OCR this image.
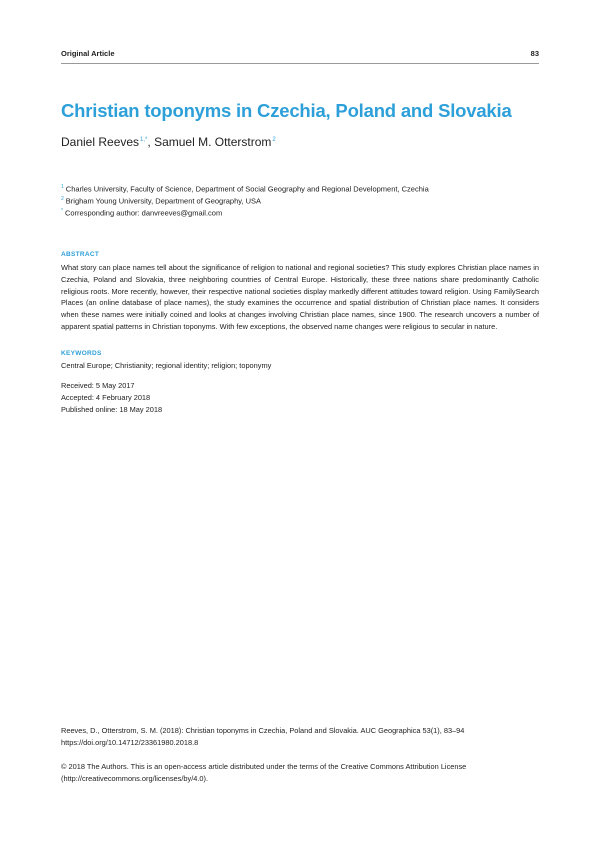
Original Article	83
Christian toponyms in Czechia, Poland and Slovakia
Daniel Reeves$^{1,*}$, Samuel M. Otterstrom$^2$
$^1$ Charles University, Faculty of Science, Department of Social Geography and Regional Development, Czechia
$^2$ Brigham Young University, Department of Geography, USA
* Corresponding author: danvreeves@gmail.com
ABSTRACT

What story can place names tell about the significance of religion to national and regional societies? This study explores Christian place names in Czechia, Poland and Slovakia, three neighboring countries of Central Europe. Historically, these three nations share predominantly Catholic religious roots. More recently, however, their respective national societies display markedly different attitudes toward religion. Using FamilySearch Places (an online database of place names), the study examines the occurrence and spatial distribution of Christian place names. It considers when these names were initially coined and looks at changes involving Christian place names, since 1900. The research uncovers a number of apparent spatial patterns in Christian toponyms. With few exceptions, the observed name changes were religious to secular in nature.

KEYWORDS
Central Europe; Christianity; regional identity; religion; toponymy
Received: 5 May 2017
Accepted: 4 February 2018
Published online: 18 May 2018
Reeves, D., Otterstrom, S. M. (2018): Christian toponyms in Czechia, Poland and Slovakia. AUC Geographica 53(1), 83–94
https://doi.org/10.14712/23361980.2018.8
© 2018 The Authors. This is an open-access article distributed under the terms of the Creative Commons Attribution License
(http://creativecommons.org/licenses/by/4.0).
